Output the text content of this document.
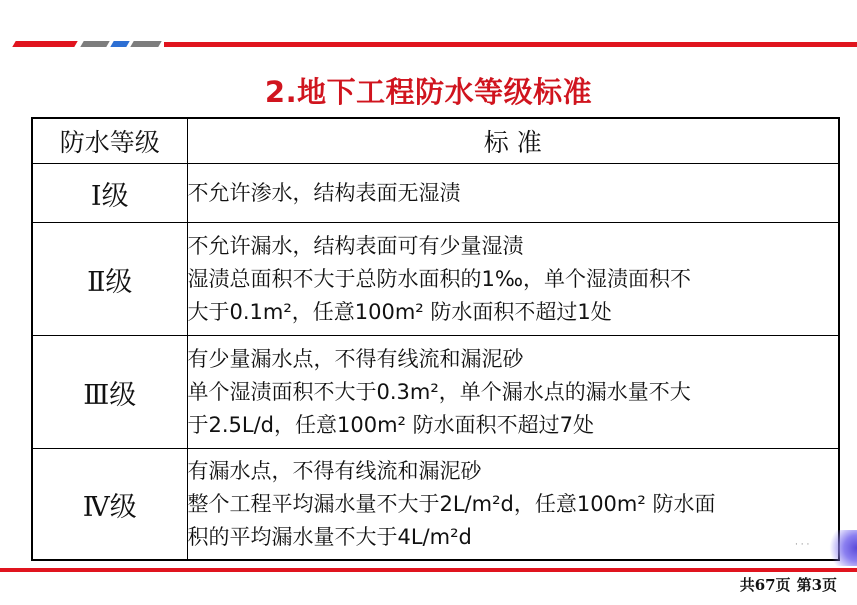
2.地下工程防水等级标准
防水等级	标 准
Ⅰ级	不允许渗水，结构表面无湿渍

Ⅱ级	不允许漏水，结构表面可有少量湿渍
湿渍总面积不大于总防水面积的1‰，单个湿渍面积不
大于0.1m²，任意100m² 防水面积不超过1处

Ⅲ级	有少量漏水点，不得有线流和漏泥砂
单个湿渍面积不大于0.3m²，单个漏水点的漏水量不大
于2.5L/d，任意100m² 防水面积不超过7处

Ⅳ级	有漏水点，不得有线流和漏泥砂
整个工程平均漏水量不大于2L/m²d，任意100m² 防水面
积的平均漏水量不大于4L/m²d	· · ·
共67页 第3页
